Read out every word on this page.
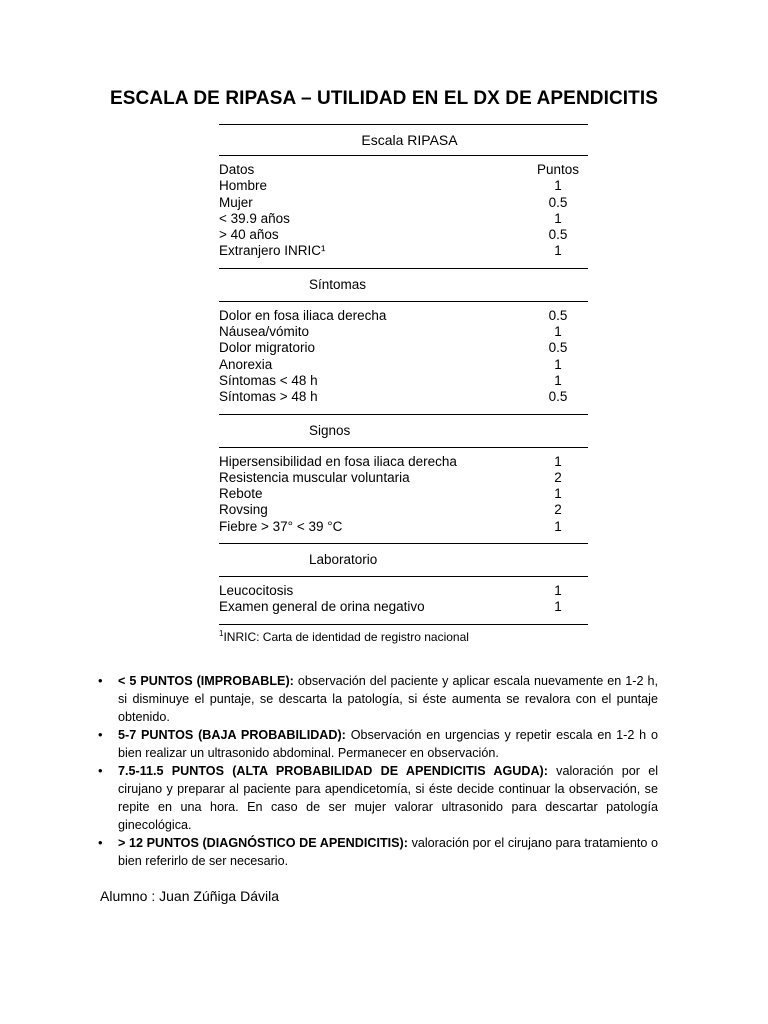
ESCALA DE RIPASA – UTILIDAD EN EL DX DE APENDICITIS
Escala RIPASA
Datos	Puntos
Hombre	1
Mujer	0.5
< 39.9 años	1
> 40 años	0.5
Extranjero INRIC¹	1
Síntomas
Dolor en fosa iliaca derecha	0.5
Náusea/vómito	1
Dolor migratorio	0.5
Anorexia	1
Síntomas < 48 h	1
Síntomas > 48 h	0.5
Signos
Hipersensibilidad en fosa iliaca derecha	1
Resistencia muscular voluntaria	2
Rebote	1
Rovsing	2
Fiebre > 37° < 39 °C	1
Laboratorio
Leucocitosis	1
Examen general de orina negativo	1
$^1$INRIC: Carta de identidad de registro nacional
• < 5 PUNTOS (IMPROBABLE): observación del paciente y aplicar escala nuevamente en 1-2 h, si disminuye el puntaje, se descarta la patología, si éste aumenta se revalora con el puntaje obtenido.
• 5-7 PUNTOS (BAJA PROBABILIDAD): Observación en urgencias y repetir escala en 1-2 h o bien realizar un ultrasonido abdominal. Permanecer en observación.
• 7.5-11.5 PUNTOS (ALTA PROBABILIDAD DE APENDICITIS AGUDA): valoración por el cirujano y preparar al paciente para apendicetomía, si éste decide continuar la observación, se repite en una hora. En caso de ser mujer valorar ultrasonido para descartar patología ginecológica.
• > 12 PUNTOS (DIAGNÓSTICO DE APENDICITIS): valoración por el cirujano para tratamiento o bien referirlo de ser necesario.
Alumno : Juan Zúñiga Dávila
